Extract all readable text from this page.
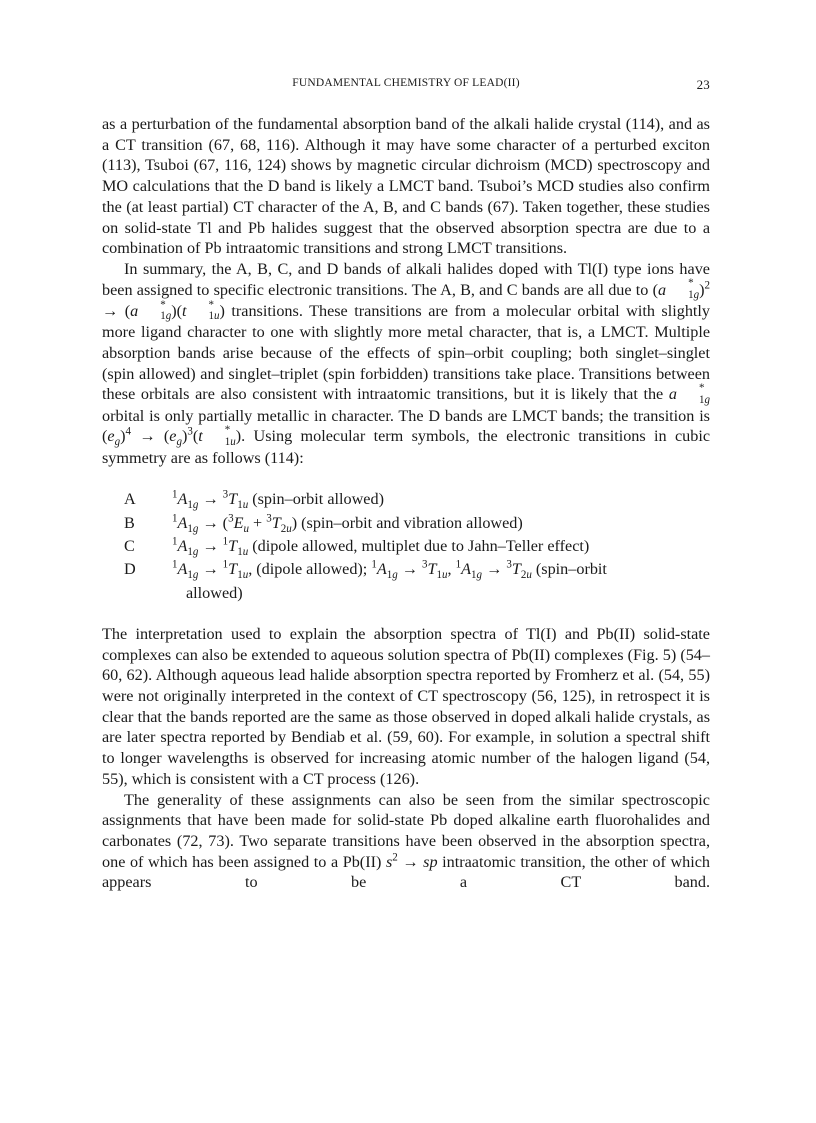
FUNDAMENTAL CHEMISTRY OF LEAD(II)	23

as a perturbation of the fundamental absorption band of the alkali halide crystal (114), and as a CT transition (67, 68, 116). Although it may have some character of a perturbed exciton (113), Tsuboi (67, 116, 124) shows by magnetic circular dichroism (MCD) spectroscopy and MO calculations that the D band is likely a LMCT band. Tsuboi’s MCD studies also confirm the (at least partial) CT character of the A, B, and C bands (67). Taken together, these studies on solid-state Tl and Pb halides suggest that the observed absorption spectra are due to a combination of Pb intraatomic transitions and strong LMCT transitions.

In summary, the A, B, C, and D bands of alkali halides doped with Tl(I) type ions have been assigned to specific electronic transitions. The A, B, and C bands are all due to (a	*
1g)$^2$ → (a	*
1g)(t	*
1u) transitions. These transitions are from a molecular orbital with slightly more ligand character to one with slightly more metal character, that is, a LMCT. Multiple absorption bands arise because of the effects of spin–orbit coupling; both singlet–singlet (spin allowed) and singlet–triplet (spin forbidden) transitions take place. Transitions between these orbitals are also consistent with intraatomic transitions, but it is likely that the a	*
1g orbital is only partially metallic in character. The D bands are LMCT bands; the transition is $(e_g)^4 \to (e_g)^3(t$	*
1u). Using molecular term symbols, the electronic transitions in cubic symmetry are as follows (114):

A	$^1A_{1g} \to ^3T_{1u}$ (spin–orbit allowed)
B	$^1A_{1g} \to (^3E_u + ^3T_{2u})$ (spin–orbit and vibration allowed)
C	$^1A_{1g} \to ^1T_{1u}$ (dipole allowed, multiplet due to Jahn–Teller effect)
D	$^1A_{1g} \to ^1T_{1u}$, (dipole allowed); $^1A_{1g} \to ^3T_{1u}$, $^1A_{1g} \to ^3T_{2u}$ (spin–orbit
allowed)

The interpretation used to explain the absorption spectra of Tl(I) and Pb(II) solid-state complexes can also be extended to aqueous solution spectra of Pb(II) complexes (Fig. 5) (54–60, 62). Although aqueous lead halide absorption spectra reported by Fromherz et al. (54, 55) were not originally interpreted in the context of CT spectroscopy (56, 125), in retrospect it is clear that the bands reported are the same as those observed in doped alkali halide crystals, as are later spectra reported by Bendiab et al. (59, 60). For example, in solution a spectral shift to longer wavelengths is observed for increasing atomic number of the halogen ligand (54, 55), which is consistent with a CT process (126).

The generality of these assignments can also be seen from the similar spectroscopic assignments that have been made for solid-state Pb doped alkaline earth fluorohalides and carbonates (72, 73). Two separate transitions have been observed in the absorption spectra, one of which has been assigned to a Pb(II) $s^2$ → sp intraatomic transition, the other of which appears to be a CT band.
